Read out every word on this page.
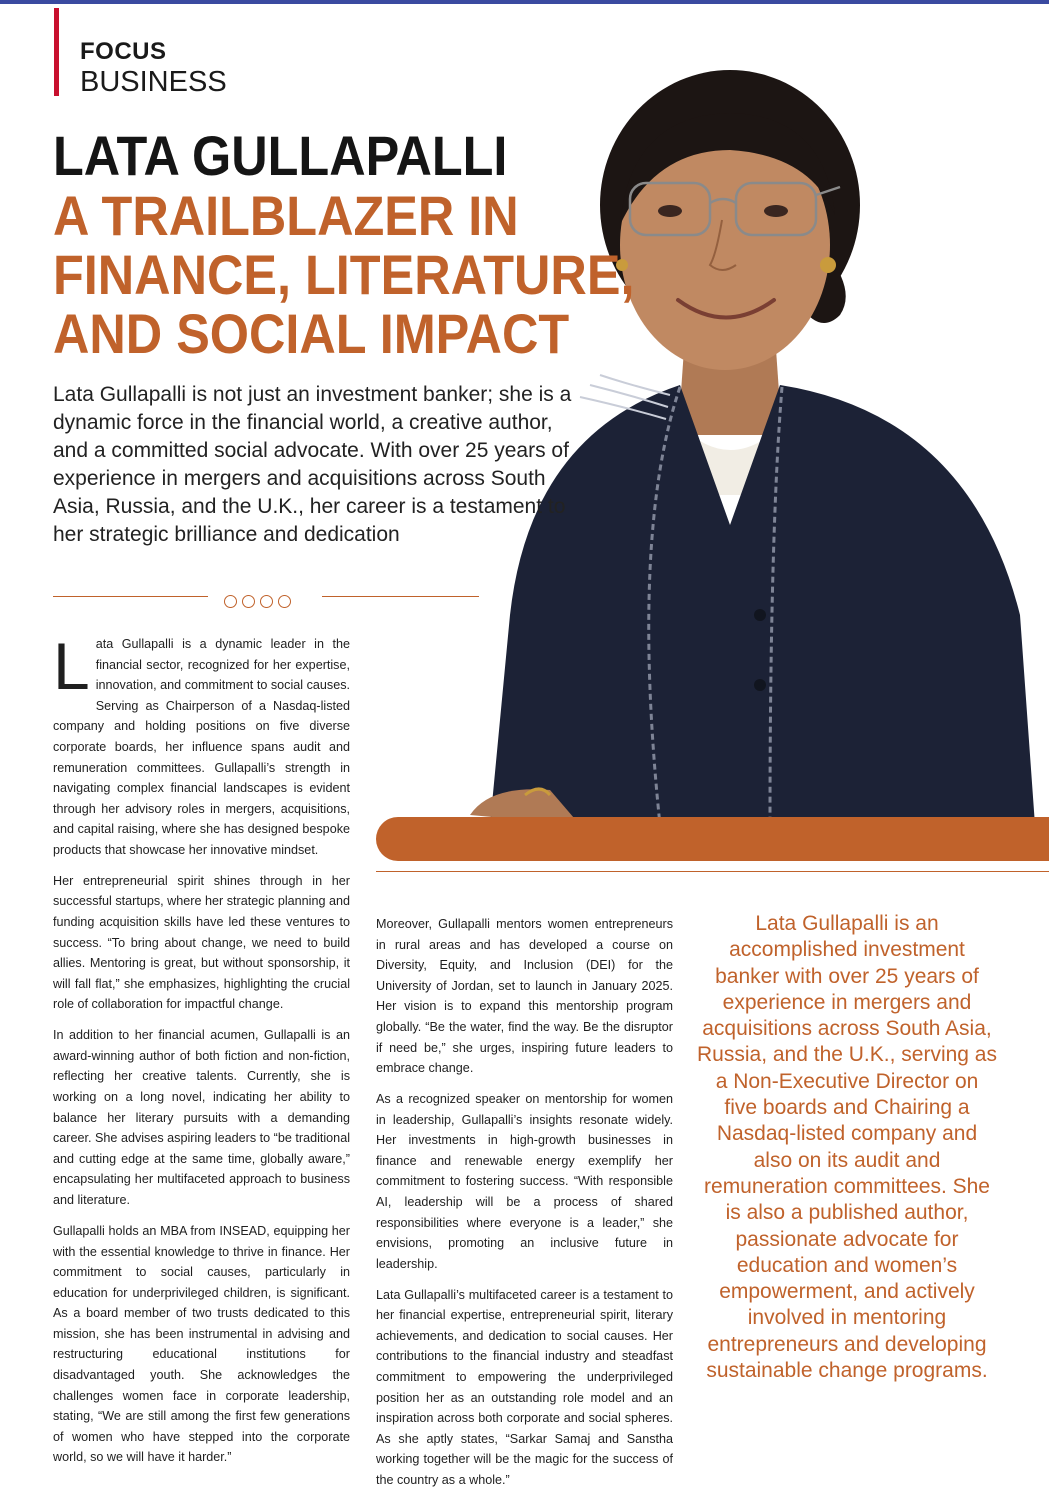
FOCUS
BUSINESS
LATA GULLAPALLI
A TRAILBLAZER IN
FINANCE, LITERATURE,
AND SOCIAL IMPACT
Lata Gullapalli is not just an investment banker; she is a dynamic force in the financial world, a creative author, and a committed social advocate. With over 25 years of experience in mergers and acquisitions across South Asia, Russia, and the U.K., her career is a testament to her strategic brilliance and dedication

Lata Gullapalli is a dynamic leader in the financial sector, recognized for her expertise, innovation, and commitment to social causes. Serving as Chairperson of a Nasdaq-listed company and holding positions on five diverse corporate boards, her influence spans audit and remuneration committees. Gullapalli’s strength in navigating complex financial landscapes is evident through her advisory roles in mergers, acquisitions, and capital raising, where she has designed bespoke products that showcase her innovative mindset.

Her entrepreneurial spirit shines through in her successful startups, where her strategic planning and funding acquisition skills have led these ventures to success. “To bring about change, we need to build allies. Mentoring is great, but without sponsorship, it will fall flat,” she emphasizes, highlighting the crucial role of collaboration for impactful change.

In addition to her financial acumen, Gullapalli is an award-winning author of both fiction and non-fiction, reflecting her creative talents. Currently, she is working on a long novel, indicating her ability to balance her literary pursuits with a demanding career. She advises aspiring leaders to “be traditional and cutting edge at the same time, globally aware,” encapsulating her multifaceted approach to business and literature.

Gullapalli holds an MBA from INSEAD, equipping her with the essential knowledge to thrive in finance. Her commitment to social causes, particularly in education for underprivileged children, is significant. As a board member of two trusts dedicated to this mission, she has been instrumental in advising and restructuring educational institutions for disadvantaged youth. She acknowledges the challenges women face in corporate leadership, stating, “We are still among the first few generations of women who have stepped into the corporate world, so we will have it harder.”

Moreover, Gullapalli mentors women entrepreneurs in rural areas and has developed a course on Diversity, Equity, and Inclusion (DEI) for the University of Jordan, set to launch in January 2025. Her vision is to expand this mentorship program globally. “Be the water, find the way. Be the disruptor if need be,” she urges, inspiring future leaders to embrace change.

As a recognized speaker on mentorship for women in leadership, Gullapalli’s insights resonate widely. Her investments in high-growth businesses in finance and renewable energy exemplify her commitment to fostering success. “With responsible AI, leadership will be a process of shared responsibilities where everyone is a leader,” she envisions, promoting an inclusive future in leadership.

Lata Gullapalli’s multifaceted career is a testament to her financial expertise, entrepreneurial spirit, literary achievements, and dedication to social causes. Her contributions to the financial industry and steadfast commitment to empowering the underprivileged position her as an outstanding role model and an inspiration across both corporate and social spheres. As she aptly states, “Sarkar Samaj and Sanstha working together will be the magic for the success of the country as a whole.”

Lata Gullapalli is an accomplished investment banker with over 25 years of experience in mergers and acquisitions across South Asia, Russia, and the U.K., serving as a Non-Executive Director on five boards and Chairing a Nasdaq-listed company and also on its audit and remuneration committees. She is also a published author, passionate advocate for education and women’s empowerment, and actively involved in mentoring entrepreneurs and developing sustainable change programs.
